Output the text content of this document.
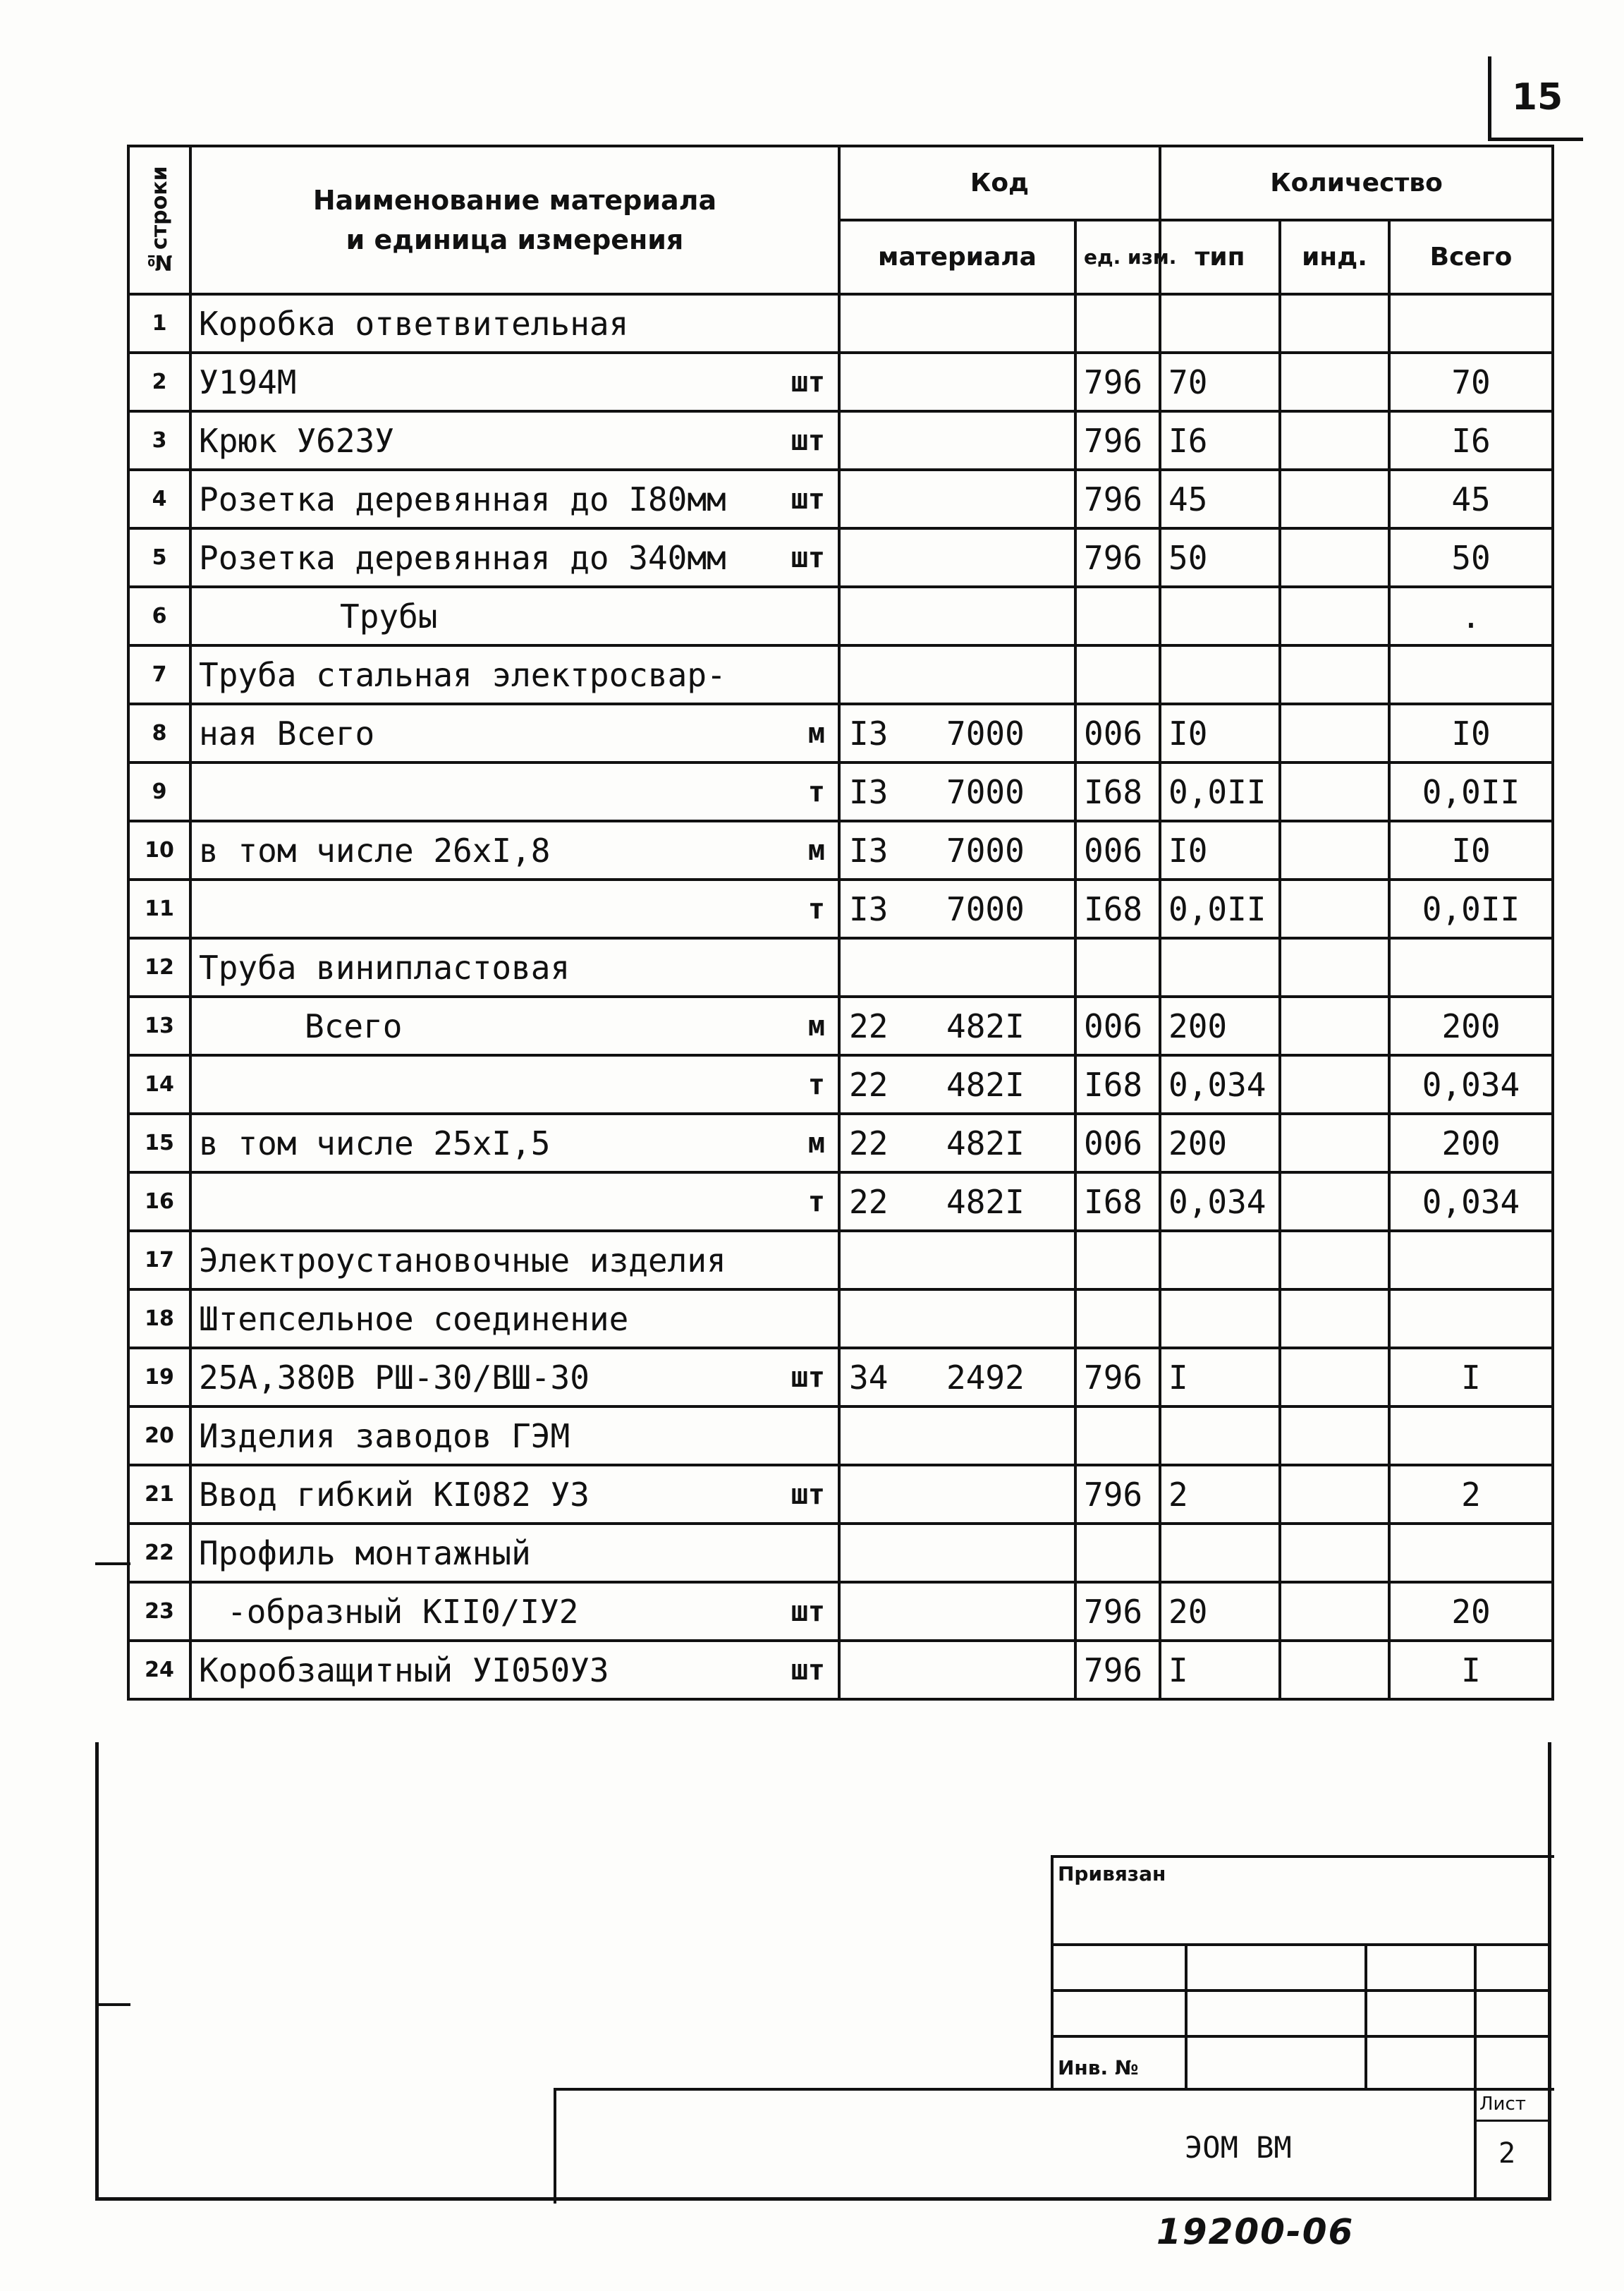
15
№строки	Наименование материала
и единица измерения	Код		Количество		
		материала	ед. изм.	тип	инд.	Всего
1	Коробка ответвительная

2	У194М шт		796	70		70
3	Крюк У623У шт		796	I6		I6
4	Розетка деревянная до I80мм шт		796	45		45
5	Розетка деревянная до 340мм шт		796	50		50
6	Трубы					.
7	Труба стальная электросвар-

8	ная Всего м	I3 7000	006	I0		I0
9	т	I3 7000	I68	0,0II		0,0II
10	в том числе 26хI,8 м	I3 7000	006	I0		I0
11	т	I3 7000	I68	0,0II		0,0II
12	Труба винипластовая

13	Всего м	22 482I	006	200		200
14	т	22 482I	I68	0,034		0,034
15	в том числе 25хI,5 м	22 482I	006	200		200
16	т	22 482I	I68	0,034		0,034
17	Электроустановочные изделия

18	Штепсельное соединение

19	25А,380В РШ-30/ВШ-30 шт	34 2492	796	I		I
20	Изделия заводов ГЭМ

21	Ввод гибкий КI082 У3 шт		796	2		2
22	Профиль монтажный

23	-образный КII0/IУ2 шт		796	20		20
24	Коробзащитный УI050У3 шт		796	I		I
Привязан
Инв. №
ЭОМ ВМ
Лист
2
19200-06
